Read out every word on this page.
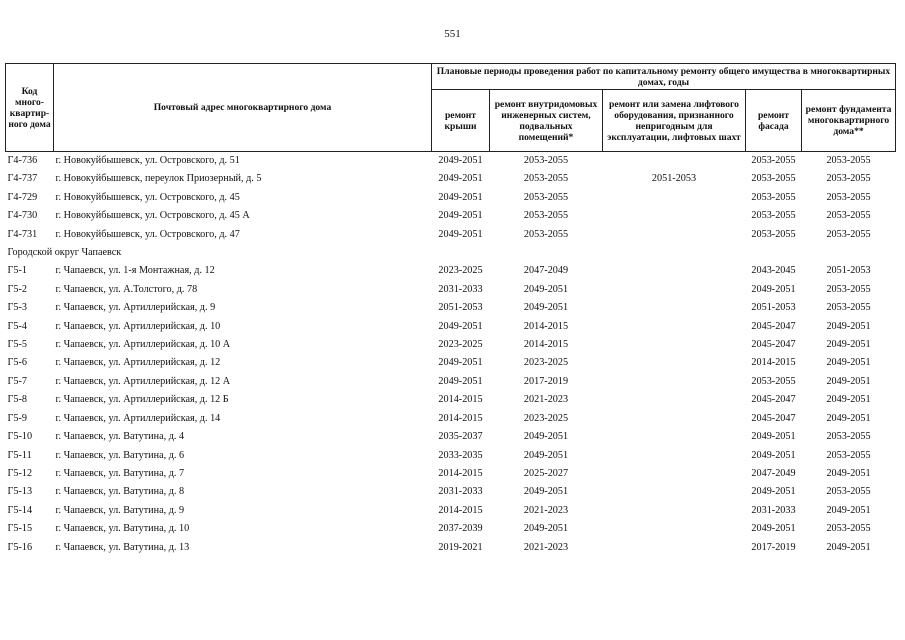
551
Код много-квартир-ного дома	Почтовый адрес многоквартирного дома	Плановые периоды проведения работ по капитальному ремонту общего имущества в многоквартирных домах, годы				
		ремонт крыши	ремонт внутридомовых инженерных систем, подвальных помещений*	ремонт или замена лифтового оборудования, признанного непригодным для эксплуатации, лифтовых шахт	ремонт фасада	ремонт фундамента многоквартирного дома**
Г4-736	г. Новокуйбышевск, ул. Островского, д. 51	2049-2051	2053-2055		2053-2055	2053-2055
Г4-737	г. Новокуйбышевск, переулок Приозерный, д. 5	2049-2051	2053-2055	2051-2053	2053-2055	2053-2055
Г4-729	г. Новокуйбышевск, ул. Островского, д. 45	2049-2051	2053-2055		2053-2055	2053-2055
Г4-730	г. Новокуйбышевск, ул. Островского, д. 45 А	2049-2051	2053-2055		2053-2055	2053-2055
Г4-731	г. Новокуйбышевск, ул. Островского, д. 47	2049-2051	2053-2055		2053-2055	2053-2055
Городской округ Чапаевск						
Г5-1	г. Чапаевск, ул. 1-я Монтажная, д. 12	2023-2025	2047-2049		2043-2045	2051-2053
Г5-2	г. Чапаевск, ул. А.Толстого, д. 78	2031-2033	2049-2051		2049-2051	2053-2055
Г5-3	г. Чапаевск, ул. Артиллерийская, д. 9	2051-2053	2049-2051		2051-2053	2053-2055
Г5-4	г. Чапаевск, ул. Артиллерийская, д. 10	2049-2051	2014-2015		2045-2047	2049-2051
Г5-5	г. Чапаевск, ул. Артиллерийская, д. 10 А	2023-2025	2014-2015		2045-2047	2049-2051
Г5-6	г. Чапаевск, ул. Артиллерийская, д. 12	2049-2051	2023-2025		2014-2015	2049-2051
Г5-7	г. Чапаевск, ул. Артиллерийская, д. 12 А	2049-2051	2017-2019		2053-2055	2049-2051
Г5-8	г. Чапаевск, ул. Артиллерийская, д. 12 Б	2014-2015	2021-2023		2045-2047	2049-2051
Г5-9	г. Чапаевск, ул. Артиллерийская, д. 14	2014-2015	2023-2025		2045-2047	2049-2051
Г5-10	г. Чапаевск, ул. Ватутина, д. 4	2035-2037	2049-2051		2049-2051	2053-2055
Г5-11	г. Чапаевск, ул. Ватутина, д. 6	2033-2035	2049-2051		2049-2051	2053-2055
Г5-12	г. Чапаевск, ул. Ватутина, д. 7	2014-2015	2025-2027		2047-2049	2049-2051
Г5-13	г. Чапаевск, ул. Ватутина, д. 8	2031-2033	2049-2051		2049-2051	2053-2055
Г5-14	г. Чапаевск, ул. Ватутина, д. 9	2014-2015	2021-2023		2031-2033	2049-2051
Г5-15	г. Чапаевск, ул. Ватутина, д. 10	2037-2039	2049-2051		2049-2051	2053-2055
Г5-16	г. Чапаевск, ул. Ватутина, д. 13	2019-2021	2021-2023		2017-2019	2049-2051
